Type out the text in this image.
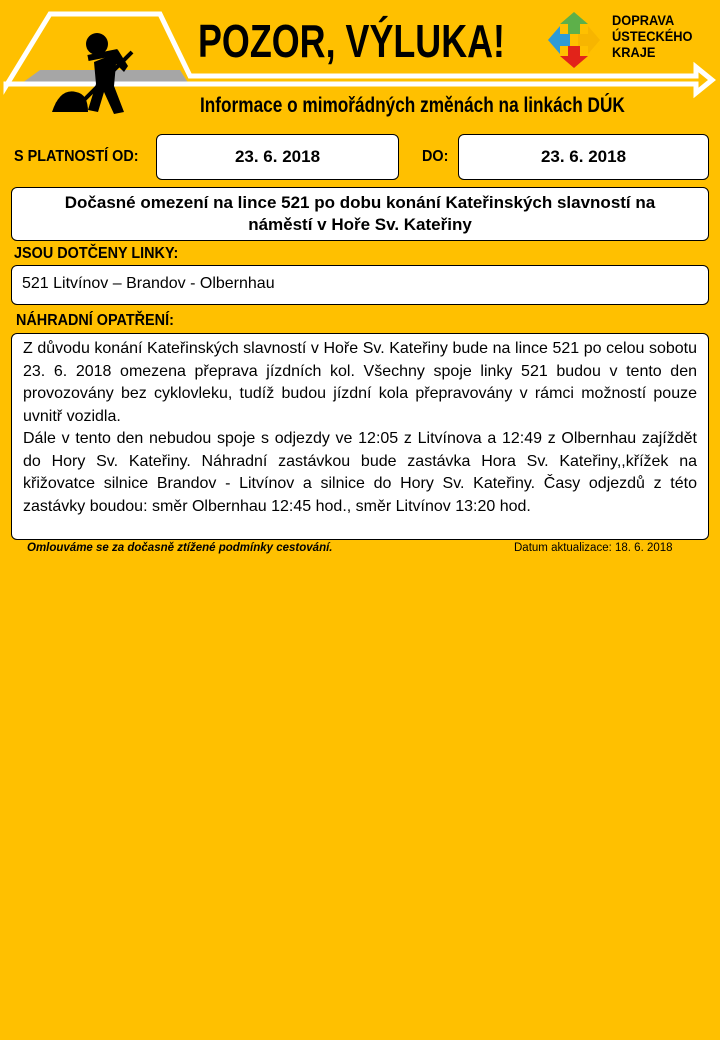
POZOR, VÝLUKA!
Informace o mimořádných změnách na linkách DÚK
DOPRAVA
ÚSTECKÉHO
KRAJE
S PLATNOSTÍ OD:	23. 6. 2018	DO:	23. 6. 2018
Dočasné omezení na lince 521 po dobu konání Kateřinských slavností na náměstí v Hoře Sv. Kateřiny
JSOU DOTČENY LINKY:
521 Litvínov – Brandov - Olbernhau
NÁHRADNÍ OPATŘENÍ:

Z důvodu konání Kateřinských slavností v Hoře Sv. Kateřiny bude na lince 521 po celou sobotu 23. 6. 2018 omezena přeprava jízdních kol. Všechny spoje linky 521 budou v tento den provozovány bez cyklovleku, tudíž budou jízdní kola přepravovány v rámci možností pouze uvnitř vozidla.

Dále v tento den nebudou spoje s odjezdy ve 12:05 z Litvínova a 12:49 z Olbernhau zajíždět do Hory Sv. Kateřiny. Náhradní zastávkou bude zastávka Hora Sv. Kateřiny,,křížek na křižovatce silnice Brandov - Litvínov a silnice do Hory Sv. Kateřiny. Časy odjezdů z této zastávky boudou: směr Olbernhau 12:45 hod., směr Litvínov 13:20 hod.

Omlouváme se za dočasně ztížené podmínky cestování.	Datum aktualizace: 18. 6. 2018
